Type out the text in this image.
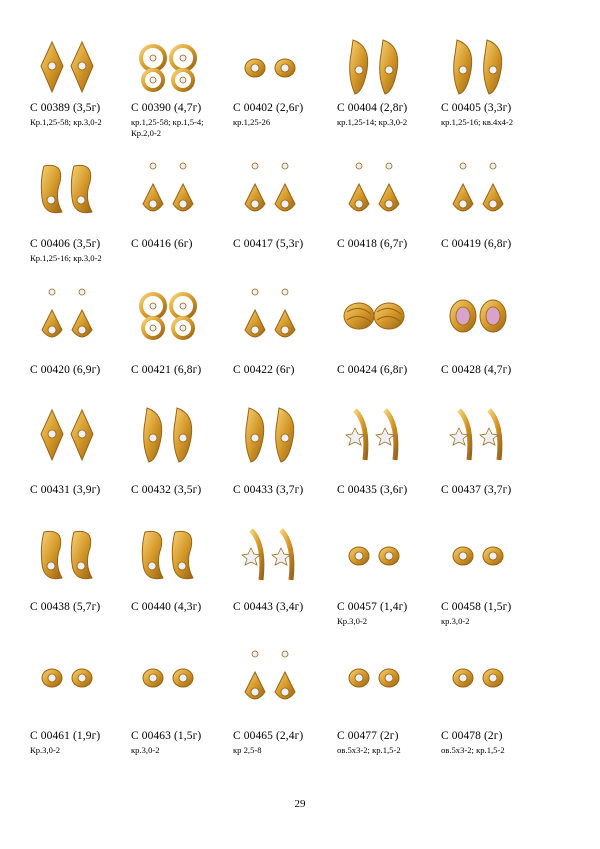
С 00389 (3,5г)
Кр.1,25-58; кр.3,0-2
С 00390 (4,7г)
кр.1,25-58; кр.1,5-4;
Кр.2,0-2
С 00402 (2,6г)
кр.1,25-26
С 00404 (2,8г)
кр.1,25-14; кр.3,0-2
С 00405 (3,3г)
кр.1,25-16; кв.4х4-2
С 00406 (3,5г)
Кр.1,25-16; кр.3,0-2
С 00416 (6г)	С 00417 (5,3г)	С 00418 (6,7г)	С 00419 (6,8г)
С 00420 (6,9г)	С 00421 (6,8г)	С 00422 (6г)	С 00424 (6,8г)	С 00428 (4,7г)
С 00431 (3,9г)	С 00432 (3,5г)	С 00433 (3,7г)	С 00435 (3,6г)	С 00437 (3,7г)
С 00438 (5,7г)	С 00440 (4,3г)	С 00443 (3,4г)	С 00457 (1,4г)
Кр.3,0-2
С 00458 (1,5г)
кр.3,0-2
С 00461 (1,9г)
Кр.3,0-2
С 00463 (1,5г)
кр.3,0-2
С 00465 (2,4г)
кр 2,5-8
С 00477 (2г)
ов.5х3-2; кр.1,5-2
С 00478 (2г)
ов.5х3-2; кр.1,5-2
29
